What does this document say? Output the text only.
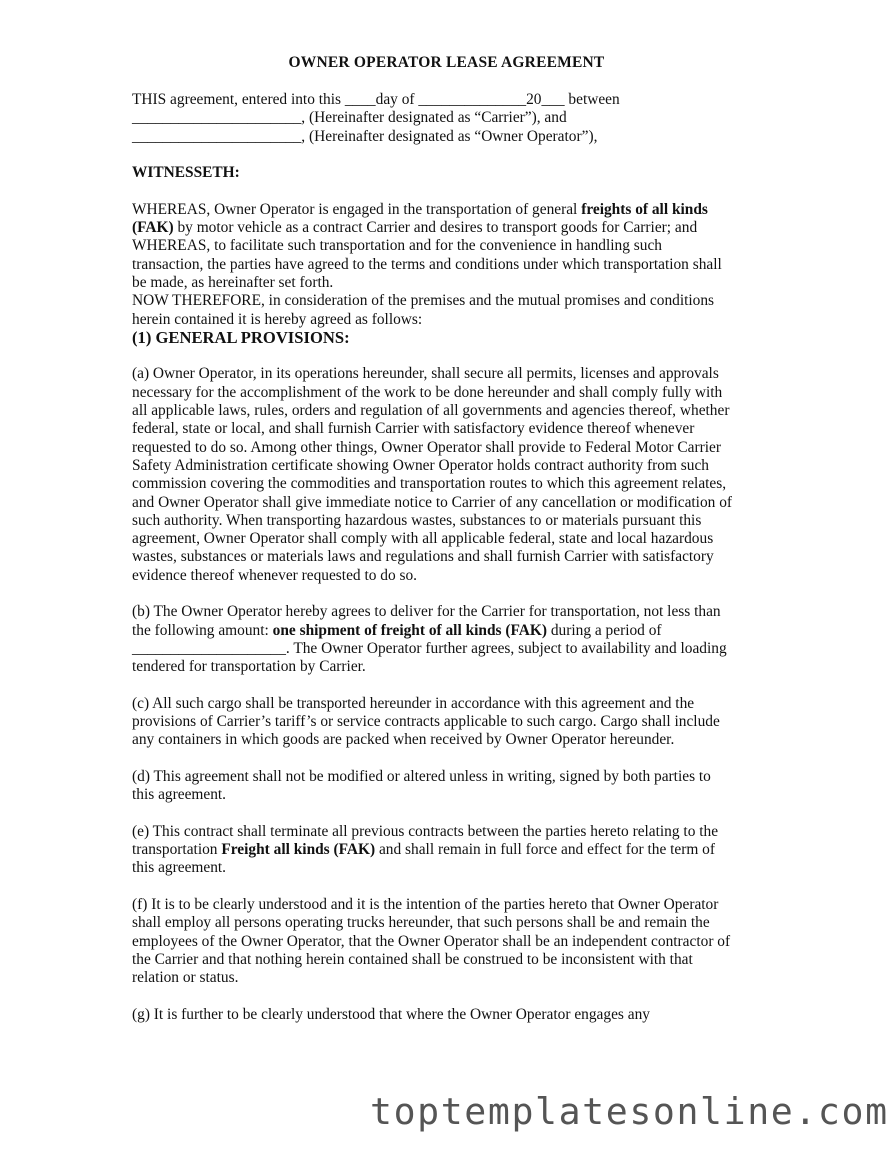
OWNER OPERATOR LEASE AGREEMENT
THIS agreement, entered into this ____day of ______________20___ between
______________________, (Hereinafter designated as “Carrier”), and
______________________, (Hereinafter designated as “Owner Operator”),
WITNESSETH:
WHEREAS, Owner Operator is engaged in the transportation of general freights of all kinds
(FAK) by motor vehicle as a contract Carrier and desires to transport goods for Carrier; and
WHEREAS, to facilitate such transportation and for the convenience in handling such
transaction, the parties have agreed to the terms and conditions under which transportation shall
be made, as hereinafter set forth.
NOW THEREFORE, in consideration of the premises and the mutual promises and conditions
herein contained it is hereby agreed as follows:
(1) GENERAL PROVISIONS:
(a) Owner Operator, in its operations hereunder, shall secure all permits, licenses and approvals
necessary for the accomplishment of the work to be done hereunder and shall comply fully with
all applicable laws, rules, orders and regulation of all governments and agencies thereof, whether
federal, state or local, and shall furnish Carrier with satisfactory evidence thereof whenever
requested to do so. Among other things, Owner Operator shall provide to Federal Motor Carrier
Safety Administration certificate showing Owner Operator holds contract authority from such
commission covering the commodities and transportation routes to which this agreement relates,
and Owner Operator shall give immediate notice to Carrier of any cancellation or modification of
such authority. When transporting hazardous wastes, substances to or materials pursuant this
agreement, Owner Operator shall comply with all applicable federal, state and local hazardous
wastes, substances or materials laws and regulations and shall furnish Carrier with satisfactory
evidence thereof whenever requested to do so.
(b) The Owner Operator hereby agrees to deliver for the Carrier for transportation, not less than
the following amount: one shipment of freight of all kinds (FAK) during a period of
____________________. The Owner Operator further agrees, subject to availability and loading
tendered for transportation by Carrier.
(c) All such cargo shall be transported hereunder in accordance with this agreement and the
provisions of Carrier’s tariff’s or service contracts applicable to such cargo. Cargo shall include
any containers in which goods are packed when received by Owner Operator hereunder.
(d) This agreement shall not be modified or altered unless in writing, signed by both parties to
this agreement.
(e) This contract shall terminate all previous contracts between the parties hereto relating to the
transportation Freight all kinds (FAK) and shall remain in full force and effect for the term of
this agreement.
(f) It is to be clearly understood and it is the intention of the parties hereto that Owner Operator
shall employ all persons operating trucks hereunder, that such persons shall be and remain the
employees of the Owner Operator, that the Owner Operator shall be an independent contractor of
the Carrier and that nothing herein contained shall be construed to be inconsistent with that
relation or status.
(g) It is further to be clearly understood that where the Owner Operator engages any
toptemplatesonline.com
